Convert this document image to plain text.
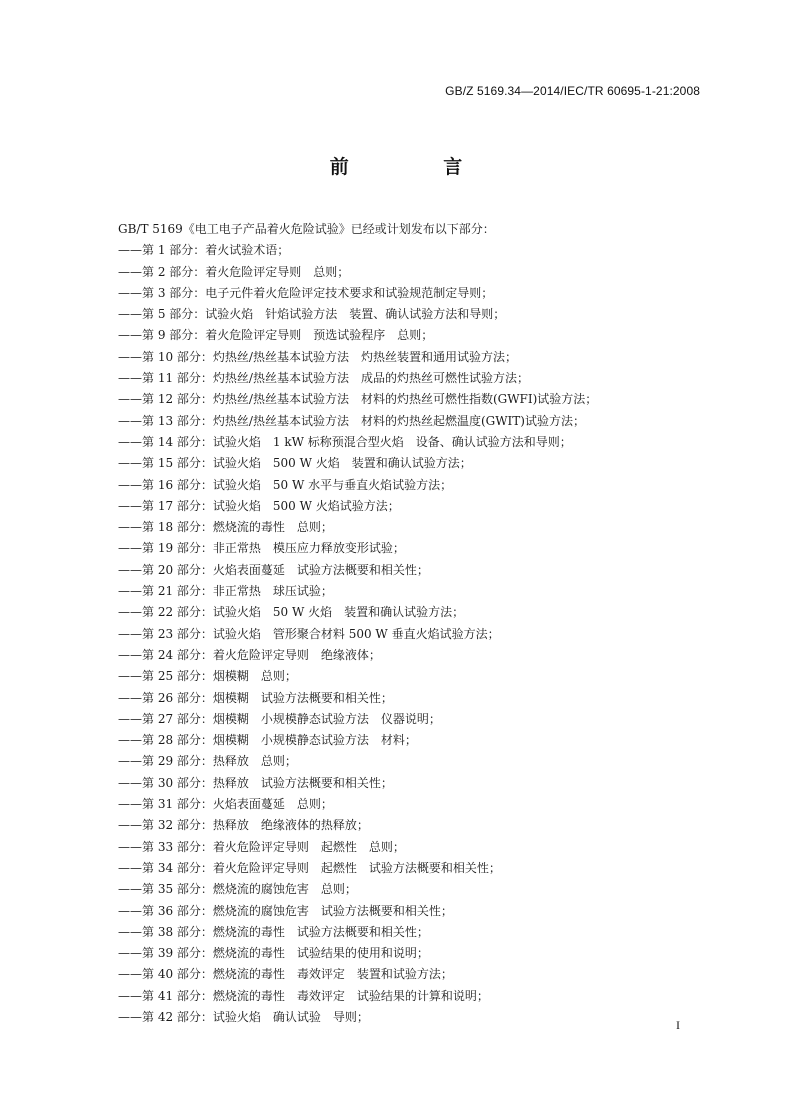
GB/Z 5169.34—2014/IEC/TR 60695-1-21:2008
前 言
GB/T 5169《电工电子产品着火危险试验》已经或计划发布以下部分：
——第 1 部分：着火试验术语；
——第 2 部分：着火危险评定导则　总则；
——第 3 部分：电子元件着火危险评定技术要求和试验规范制定导则；
——第 5 部分：试验火焰　针焰试验方法　装置、确认试验方法和导则；
——第 9 部分：着火危险评定导则　预选试验程序　总则；
——第 10 部分：灼热丝/热丝基本试验方法　灼热丝装置和通用试验方法；
——第 11 部分：灼热丝/热丝基本试验方法　成品的灼热丝可燃性试验方法；
——第 12 部分：灼热丝/热丝基本试验方法　材料的灼热丝可燃性指数(GWFI)试验方法；
——第 13 部分：灼热丝/热丝基本试验方法　材料的灼热丝起燃温度(GWIT)试验方法；
——第 14 部分：试验火焰　1 kW 标称预混合型火焰　设备、确认试验方法和导则；
——第 15 部分：试验火焰　500 W 火焰　装置和确认试验方法；
——第 16 部分：试验火焰　50 W 水平与垂直火焰试验方法；
——第 17 部分：试验火焰　500 W 火焰试验方法；
——第 18 部分：燃烧流的毒性　总则；
——第 19 部分：非正常热　模压应力释放变形试验；
——第 20 部分：火焰表面蔓延　试验方法概要和相关性；
——第 21 部分：非正常热　球压试验；
——第 22 部分：试验火焰　50 W 火焰　装置和确认试验方法；
——第 23 部分：试验火焰　管形聚合材料 500 W 垂直火焰试验方法；
——第 24 部分：着火危险评定导则　绝缘液体；
——第 25 部分：烟模糊　总则；
——第 26 部分：烟模糊　试验方法概要和相关性；
——第 27 部分：烟模糊　小规模静态试验方法　仪器说明；
——第 28 部分：烟模糊　小规模静态试验方法　材料；
——第 29 部分：热释放　总则；
——第 30 部分：热释放　试验方法概要和相关性；
——第 31 部分：火焰表面蔓延　总则；
——第 32 部分：热释放　绝缘液体的热释放；
——第 33 部分：着火危险评定导则　起燃性　总则；
——第 34 部分：着火危险评定导则　起燃性　试验方法概要和相关性；
——第 35 部分：燃烧流的腐蚀危害　总则；
——第 36 部分：燃烧流的腐蚀危害　试验方法概要和相关性；
——第 38 部分：燃烧流的毒性　试验方法概要和相关性；
——第 39 部分：燃烧流的毒性　试验结果的使用和说明；
——第 40 部分：燃烧流的毒性　毒效评定　装置和试验方法；
——第 41 部分：燃烧流的毒性　毒效评定　试验结果的计算和说明；
——第 42 部分：试验火焰　确认试验　导则；
I
